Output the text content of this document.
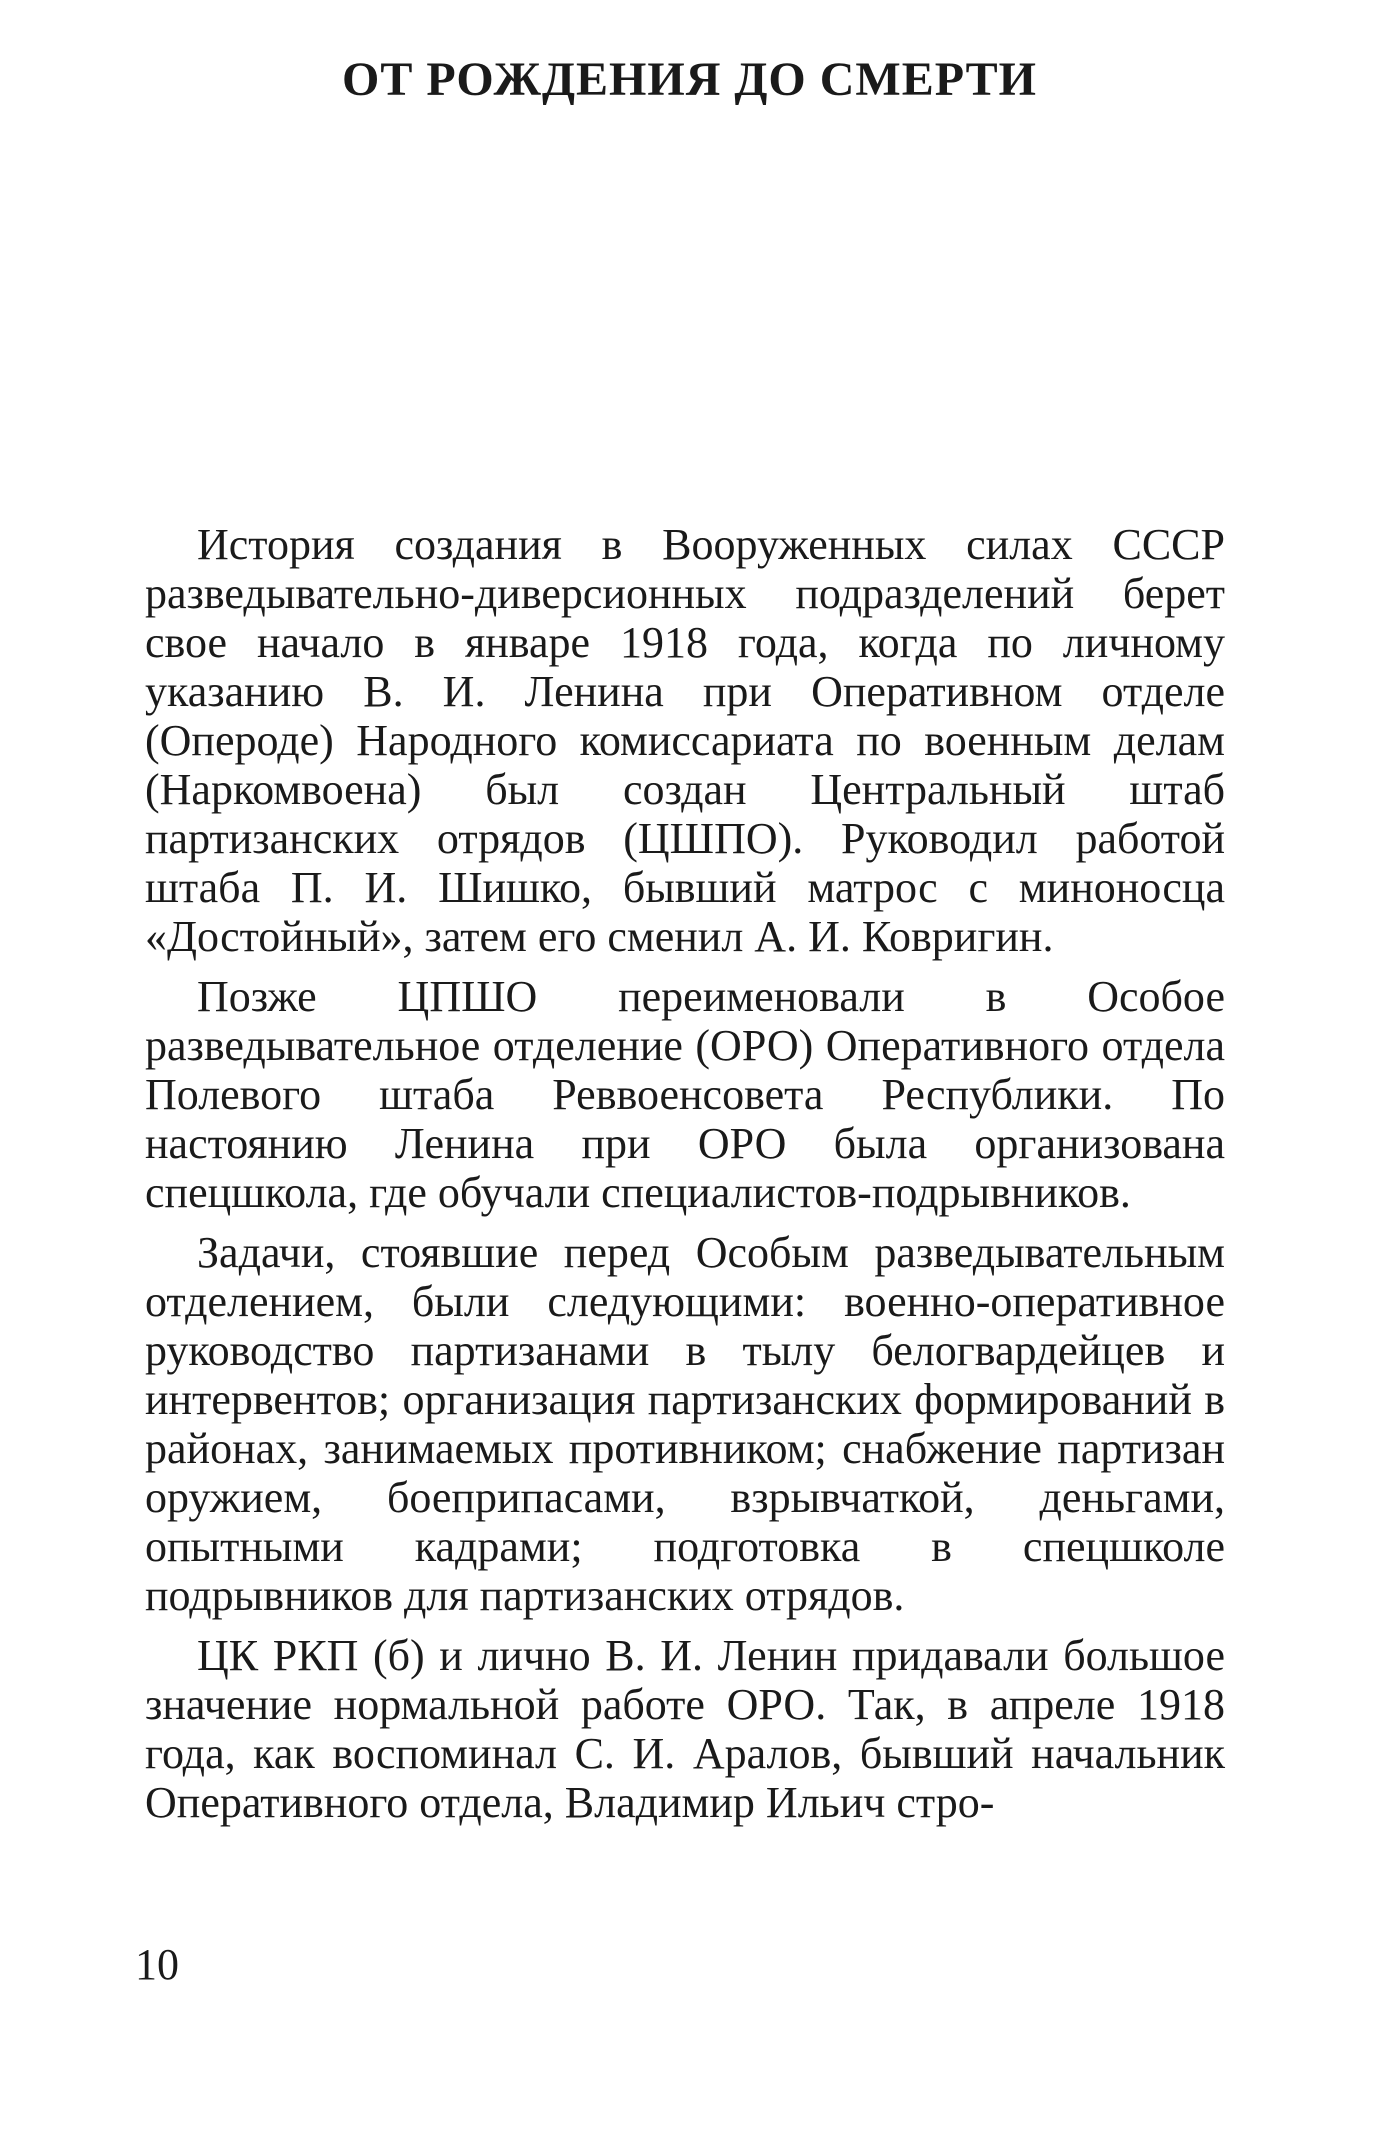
ОТ РОЖДЕНИЯ ДО СМЕРТИ

История создания в Вооруженных силах СССР разведывательно-диверсионных подразделений берет свое начало в январе 1918 года, когда по личному указанию В. И. Ленина при Оперативном отделе (Опероде) Народного комиссариата по военным делам (Наркомвоена) был создан Центральный штаб партизанских отрядов (ЦШПО). Руководил работой штаба П. И. Шишко, бывший матрос с миноносца «Достойный», затем его сменил А. И. Ковригин.

Позже ЦПШО переименовали в Особое разведывательное отделение (ОРО) Оперативного отдела Полевого штаба Реввоенсовета Республики. По настоянию Ленина при ОРО была организована спецшкола, где обучали специалистов-подрывников.

Задачи, стоявшие перед Особым разведывательным отделением, были следующими: военно-оперативное руководство партизанами в тылу белогвардейцев и интервентов; организация партизанских формирований в районах, занимаемых противником; снабжение партизан оружием, боеприпасами, взрывчаткой, деньгами, опытными кадрами; подготовка в спецшколе подрывников для партизанских отрядов.

ЦК РКП (б) и лично В. И. Ленин придавали большое значение нормальной работе ОРО. Так, в апреле 1918 года, как воспоминал С. И. Аралов, бывший начальник Оперативного отдела, Владимир Ильич стро-

10
